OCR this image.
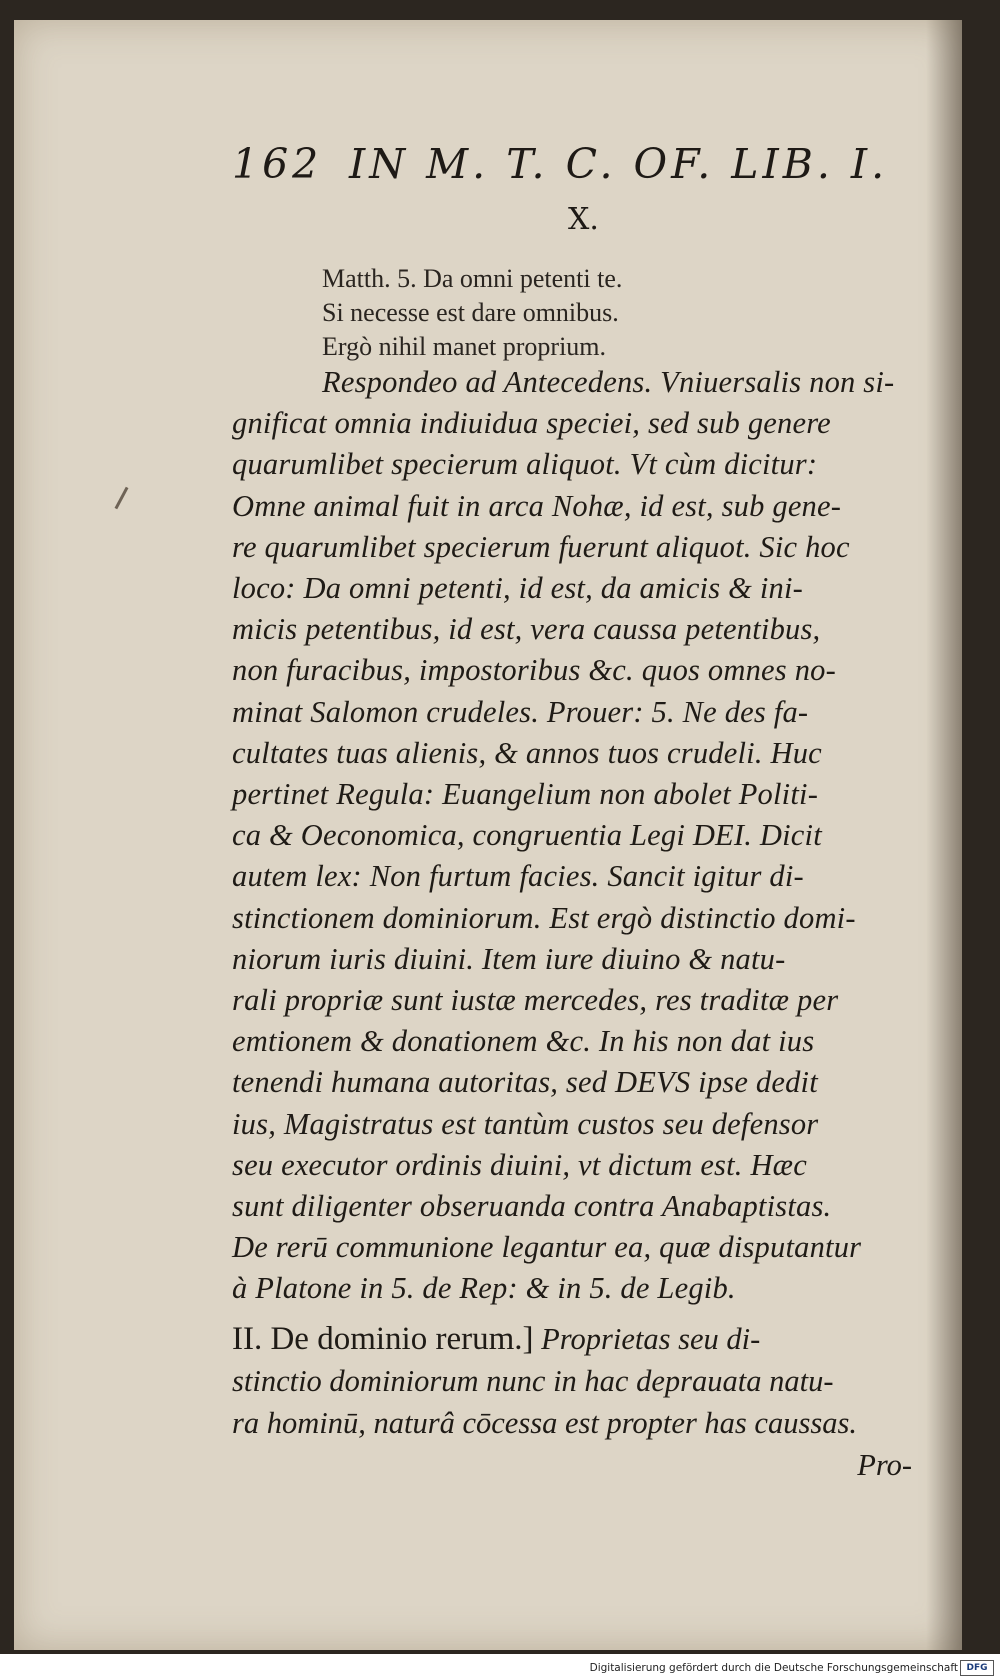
162 IN M. T. C. OF. LIB. I.
X.
Matth. 5. Da omni petenti te.
Si necesse est dare omnibus.
Ergò nihil manet proprium.
Respondeo ad Antecedens. Vniuersalis non si-
gnificat omnia indiuidua speciei, sed sub genere
quarumlibet specierum aliquot. Vt cùm dicitur:
Omne animal fuit in arca Nohæ, id est, sub gene-
re quarumlibet specierum fuerunt aliquot. Sic hoc
loco: Da omni petenti, id est, da amicis & ini-
micis petentibus, id est, vera caussa petentibus,
non furacibus, impostoribus &c. quos omnes no-
minat Salomon crudeles. Prouer: 5. Ne des fa-
cultates tuas alienis, & annos tuos crudeli. Huc
pertinet Regula: Euangelium non abolet Politi-
ca & Oeconomica, congruentia Legi DEI. Dicit
autem lex: Non furtum facies. Sancit igitur di-
stinctionem dominiorum. Est ergò distinctio domi-
niorum iuris diuini. Item iure diuino & natu-
rali propriæ sunt iustæ mercedes, res traditæ per
emtionem & donationem &c. In his non dat ius
tenendi humana autoritas, sed DEVS ipse dedit
ius, Magistratus est tantùm custos seu defensor
seu executor ordinis diuini, vt dictum est. Hæc
sunt diligenter obseruanda contra Anabaptistas.
De rerū communione legantur ea, quæ disputantur
à Platone in 5. de Rep: & in 5. de Legib.
II. De dominio rerum.] Proprietas seu di-
stinctio dominiorum nunc in hac deprauata natu-
ra hominū, naturâ cōcessa est propter has caussas.
Pro-
Digitalisierung gefördert durch die Deutsche Forschungsgemeinschaft DFG
